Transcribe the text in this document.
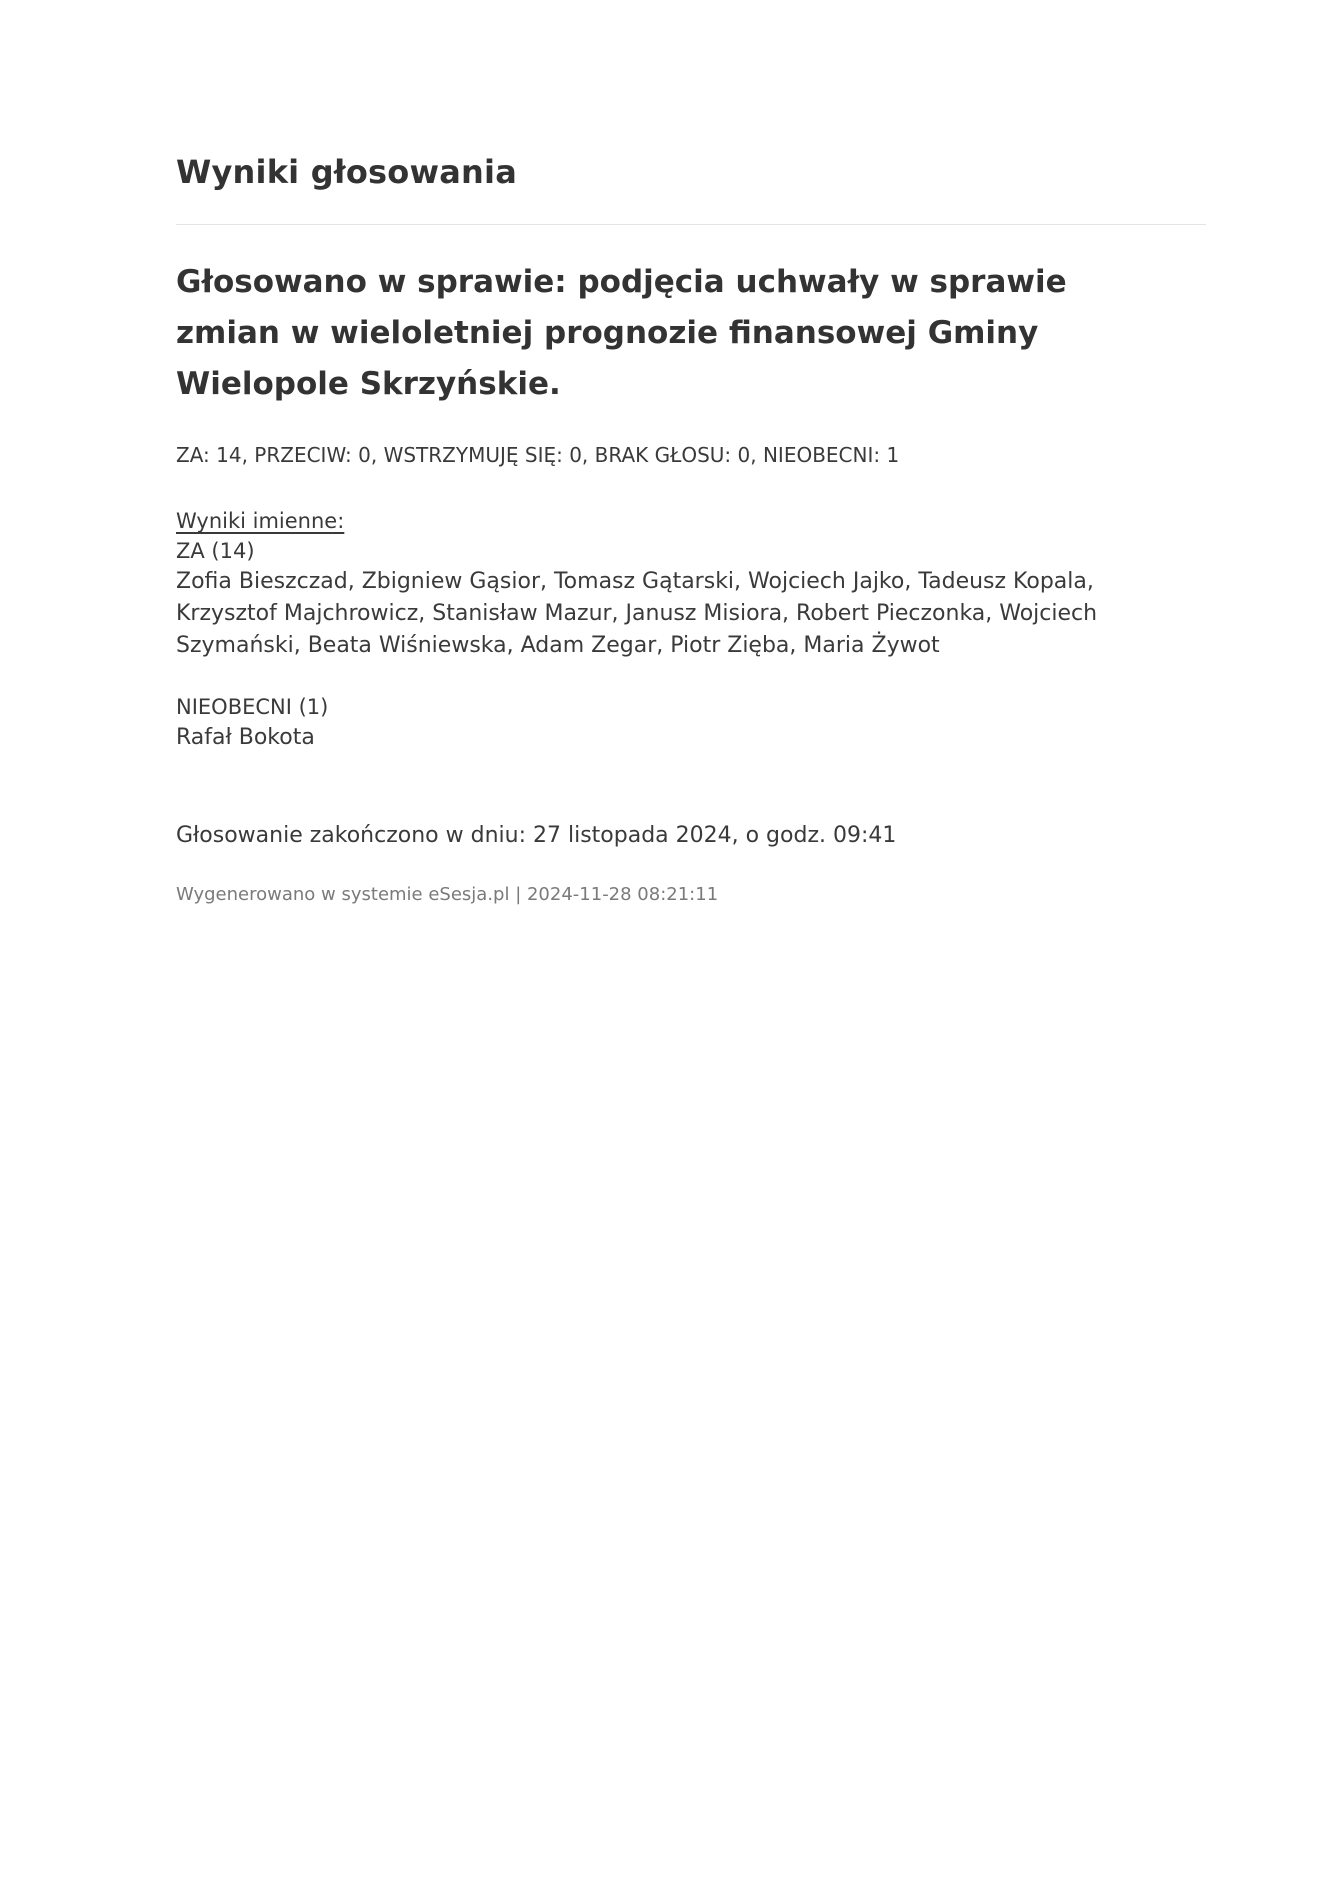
Wyniki głosowania
Głosowano w sprawie: podjęcia uchwały w sprawie zmian w wieloletniej prognozie finansowej Gminy Wielopole Skrzyńskie.
ZA: 14, PRZECIW: 0, WSTRZYMUJĘ SIĘ: 0, BRAK GŁOSU: 0, NIEOBECNI: 1
Wyniki imienne:
ZA (14)
Zofia Bieszczad, Zbigniew Gąsior, Tomasz Gątarski, Wojciech Jajko, Tadeusz Kopala, Krzysztof Majchrowicz, Stanisław Mazur, Janusz Misiora, Robert Pieczonka, Wojciech Szymański, Beata Wiśniewska, Adam Zegar, Piotr Zięba, Maria Żywot
NIEOBECNI (1)
Rafał Bokota
Głosowanie zakończono w dniu: 27 listopada 2024, o godz. 09:41
Wygenerowano w systemie eSesja.pl | 2024-11-28 08:21:11
